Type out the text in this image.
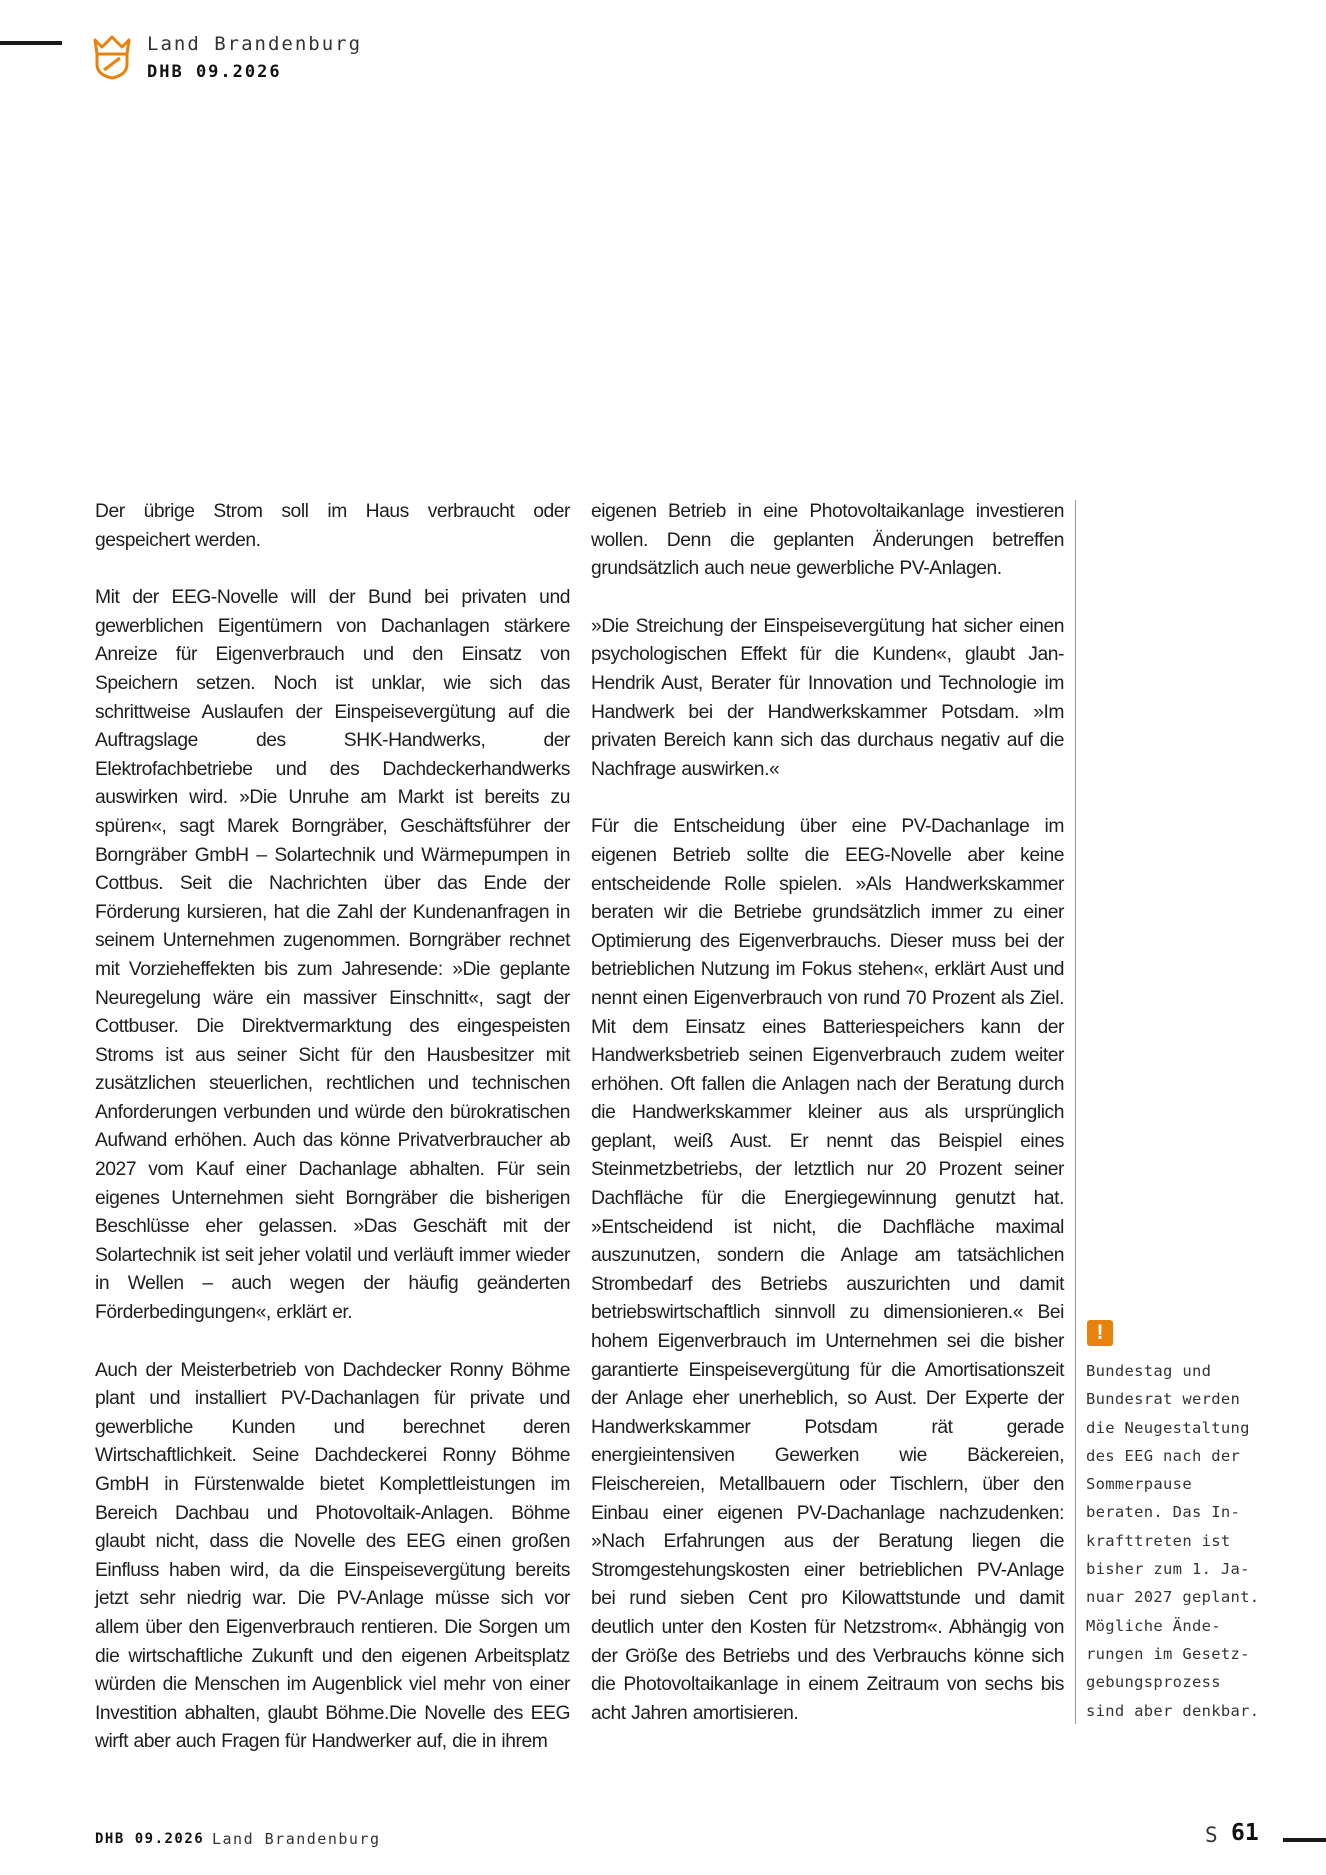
Land Brandenburg
DHB 09.2026

Der übrige Strom soll im Haus verbraucht oder gespeichert werden.

Mit der EEG-Novelle will der Bund bei privaten und gewerblichen Eigentümern von Dachanlagen stärkere Anreize für Eigenverbrauch und den Einsatz von Speichern setzen. Noch ist unklar, wie sich das schrittweise Auslaufen der Einspeisevergütung auf die Auftragslage des SHK-Handwerks, der Elektrofachbetriebe und des Dachdeckerhandwerks auswirken wird. »Die Unruhe am Markt ist bereits zu spüren«, sagt Marek Borngräber, Geschäftsführer der Borngräber GmbH – Solartechnik und Wärmepumpen in Cottbus. Seit die Nachrichten über das Ende der Förderung kursieren, hat die Zahl der Kundenanfragen in seinem Unternehmen zugenommen. Borngräber rechnet mit Vorzieheffekten bis zum Jahresende: »Die geplante Neuregelung wäre ein massiver Einschnitt«, sagt der Cottbuser. Die Direktvermarktung des eingespeisten Stroms ist aus seiner Sicht für den Hausbesitzer mit zusätzlichen steuerlichen, rechtlichen und technischen Anforderungen verbunden und würde den bürokratischen Aufwand erhöhen. Auch das könne Privatverbraucher ab 2027 vom Kauf einer Dachanlage abhalten. Für sein eigenes Unternehmen sieht Borngräber die bisherigen Beschlüsse eher gelassen. »Das Geschäft mit der Solartechnik ist seit jeher volatil und verläuft immer wieder in Wellen – auch wegen der häufig geänderten Förderbedingungen«, erklärt er.

Auch der Meisterbetrieb von Dachdecker Ronny Böhme plant und installiert PV-Dachanlagen für private und gewerbliche Kunden und berechnet deren Wirtschaftlichkeit. Seine Dachdeckerei Ronny Böhme GmbH in Fürstenwalde bietet Komplettleistungen im Bereich Dachbau und Photovoltaik-Anlagen. Böhme glaubt nicht, dass die Novelle des EEG einen großen Einfluss haben wird, da die Einspeisevergütung bereits jetzt sehr niedrig war. Die PV-Anlage müsse sich vor allem über den Eigenverbrauch rentieren. Die Sorgen um die wirtschaftliche Zukunft und den eigenen Arbeitsplatz würden die Menschen im Augenblick viel mehr von einer Investition abhalten, glaubt Böhme.Die Novelle des EEG wirft aber auch Fragen für Handwerker auf, die in ihrem

eigenen Betrieb in eine Photovoltaikanlage investieren wollen. Denn die geplanten Änderungen betreffen grundsätzlich auch neue gewerbliche PV-Anlagen.

»Die Streichung der Einspeisevergütung hat sicher einen psychologischen Effekt für die Kunden«, glaubt Jan-Hendrik Aust, Berater für Innovation und Technologie im Handwerk bei der Handwerkskammer Potsdam. »Im privaten Bereich kann sich das durchaus negativ auf die Nachfrage auswirken.«

Für die Entscheidung über eine PV-Dachanlage im eigenen Betrieb sollte die EEG-Novelle aber keine entscheidende Rolle spielen. »Als Handwerkskammer beraten wir die Betriebe grundsätzlich immer zu einer Optimierung des Eigenverbrauchs. Dieser muss bei der betrieblichen Nutzung im Fokus stehen«, erklärt Aust und nennt einen Eigenverbrauch von rund 70 Prozent als Ziel. Mit dem Einsatz eines Batteriespeichers kann der Handwerksbetrieb seinen Eigenverbrauch zudem weiter erhöhen. Oft fallen die Anlagen nach der Beratung durch die Handwerkskammer kleiner aus als ursprünglich geplant, weiß Aust. Er nennt das Beispiel eines Steinmetzbetriebs, der letztlich nur 20 Prozent seiner Dachfläche für die Energiegewinnung genutzt hat. »Entscheidend ist nicht, die Dachfläche maximal auszunutzen, sondern die Anlage am tatsächlichen Strombedarf des Betriebs auszurichten und damit betriebswirtschaftlich sinnvoll zu dimensionieren.« Bei hohem Eigenverbrauch im Unternehmen sei die bisher garantierte Einspeisevergütung für die Amortisationszeit der Anlage eher unerheblich, so Aust. Der Experte der Handwerkskammer Potsdam rät gerade energieintensiven Gewerken wie Bäckereien, Fleischereien, Metallbauern oder Tischlern, über den Einbau einer eigenen PV-Dachanlage nachzudenken: »Nach Erfahrungen aus der Beratung liegen die Stromgestehungskosten einer betrieblichen PV-Anlage bei rund sieben Cent pro Kilowattstunde und damit deutlich unter den Kosten für Netzstrom«. Abhängig von der Größe des Betriebs und des Verbrauchs könne sich die Photovoltaikanlage in einem Zeitraum von sechs bis acht Jahren amortisieren.

!
Bundestag und
Bundesrat werden
die Neugestaltung
des EEG nach der
Sommerpause
beraten. Das In-
krafttreten ist
bisher zum 1. Ja-
nuar 2027 geplant.
Mögliche Ände-
rungen im Gesetz-
gebungsprozess
sind aber denkbar.
DHB 09.2026 Land Brandenburg	S 61
